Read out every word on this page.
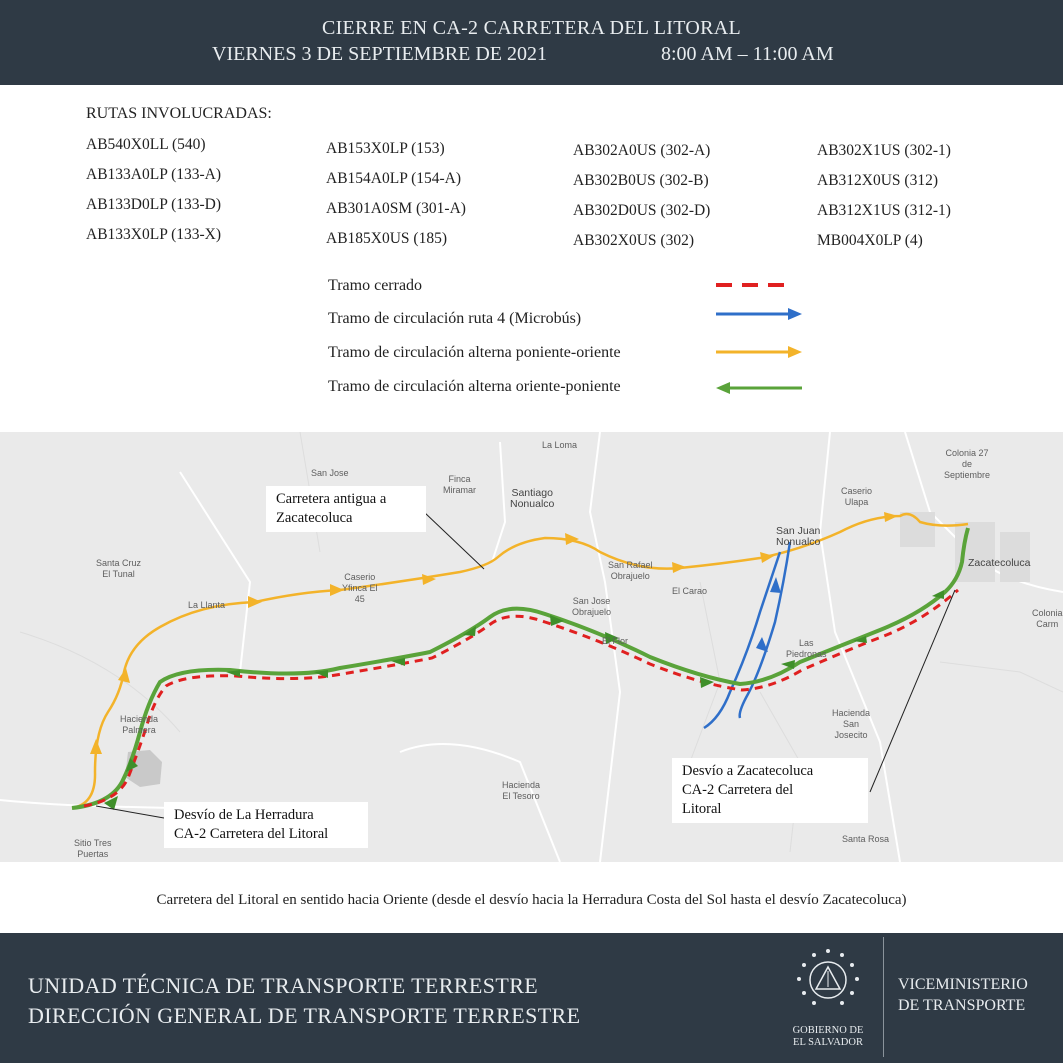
CIERRE EN CA-2 CARRETERA DEL LITORAL
VIERNES 3 DE SEPTIEMBRE DE 2021	8:00 AM – 11:00 AM
RUTAS INVOLUCRADAS:
AB540X0LL (540)
AB133A0LP (133-A)
AB133D0LP (133-D)
AB133X0LP (133-X)
AB153X0LP (153)
AB154A0LP (154-A)
AB301A0SM (301-A)
AB185X0US (185)
AB302A0US (302-A)
AB302B0US (302-B)
AB302D0US (302-D)
AB302X0US (302)
AB302X1US (302-1)
AB312X0US (312)
AB312X1US (312-1)
MB004X0LP (4)
Tramo cerrado
Tramo de circulación ruta 4 (Microbús)
Tramo de circulación alterna poniente-oriente
Tramo de circulación alterna oriente-poniente
La Loma
San Jose
Finca
Miramar	Santiago
Nonualco
Colonia 27
de
Septiembre
Caserio
Ulapa
San Juan
Nonualco
Zacatecoluca
Santa Cruz
El Tunal
La Llanta
Caserio
Yfinca El
45
San Rafael
Obrajuelo
El Carao
San Jose
Obrajuelo
El Flor	Las
Piedronas
Colonia
Carm
Hacienda
Palmera
Hacienda
San
Josecito
Hacienda
El Tesoro
Sitio Tres
Puertas
Santa Rosa
Carretera antigua a
Zacatecoluca
Desvío a Zacatecoluca
CA-2 Carretera del
Litoral
Desvío de La Herradura
CA-2 Carretera del Litoral
Carretera del Litoral en sentido hacia Oriente (desde el desvío hacia la Herradura Costa del Sol hasta el desvío Zacatecoluca)
UNIDAD TÉCNICA DE TRANSPORTE TERRESTRE
DIRECCIÓN GENERAL DE TRANSPORTE TERRESTRE
GOBIERNO DE
EL SALVADOR
VICEMINISTERIO
DE TRANSPORTE
